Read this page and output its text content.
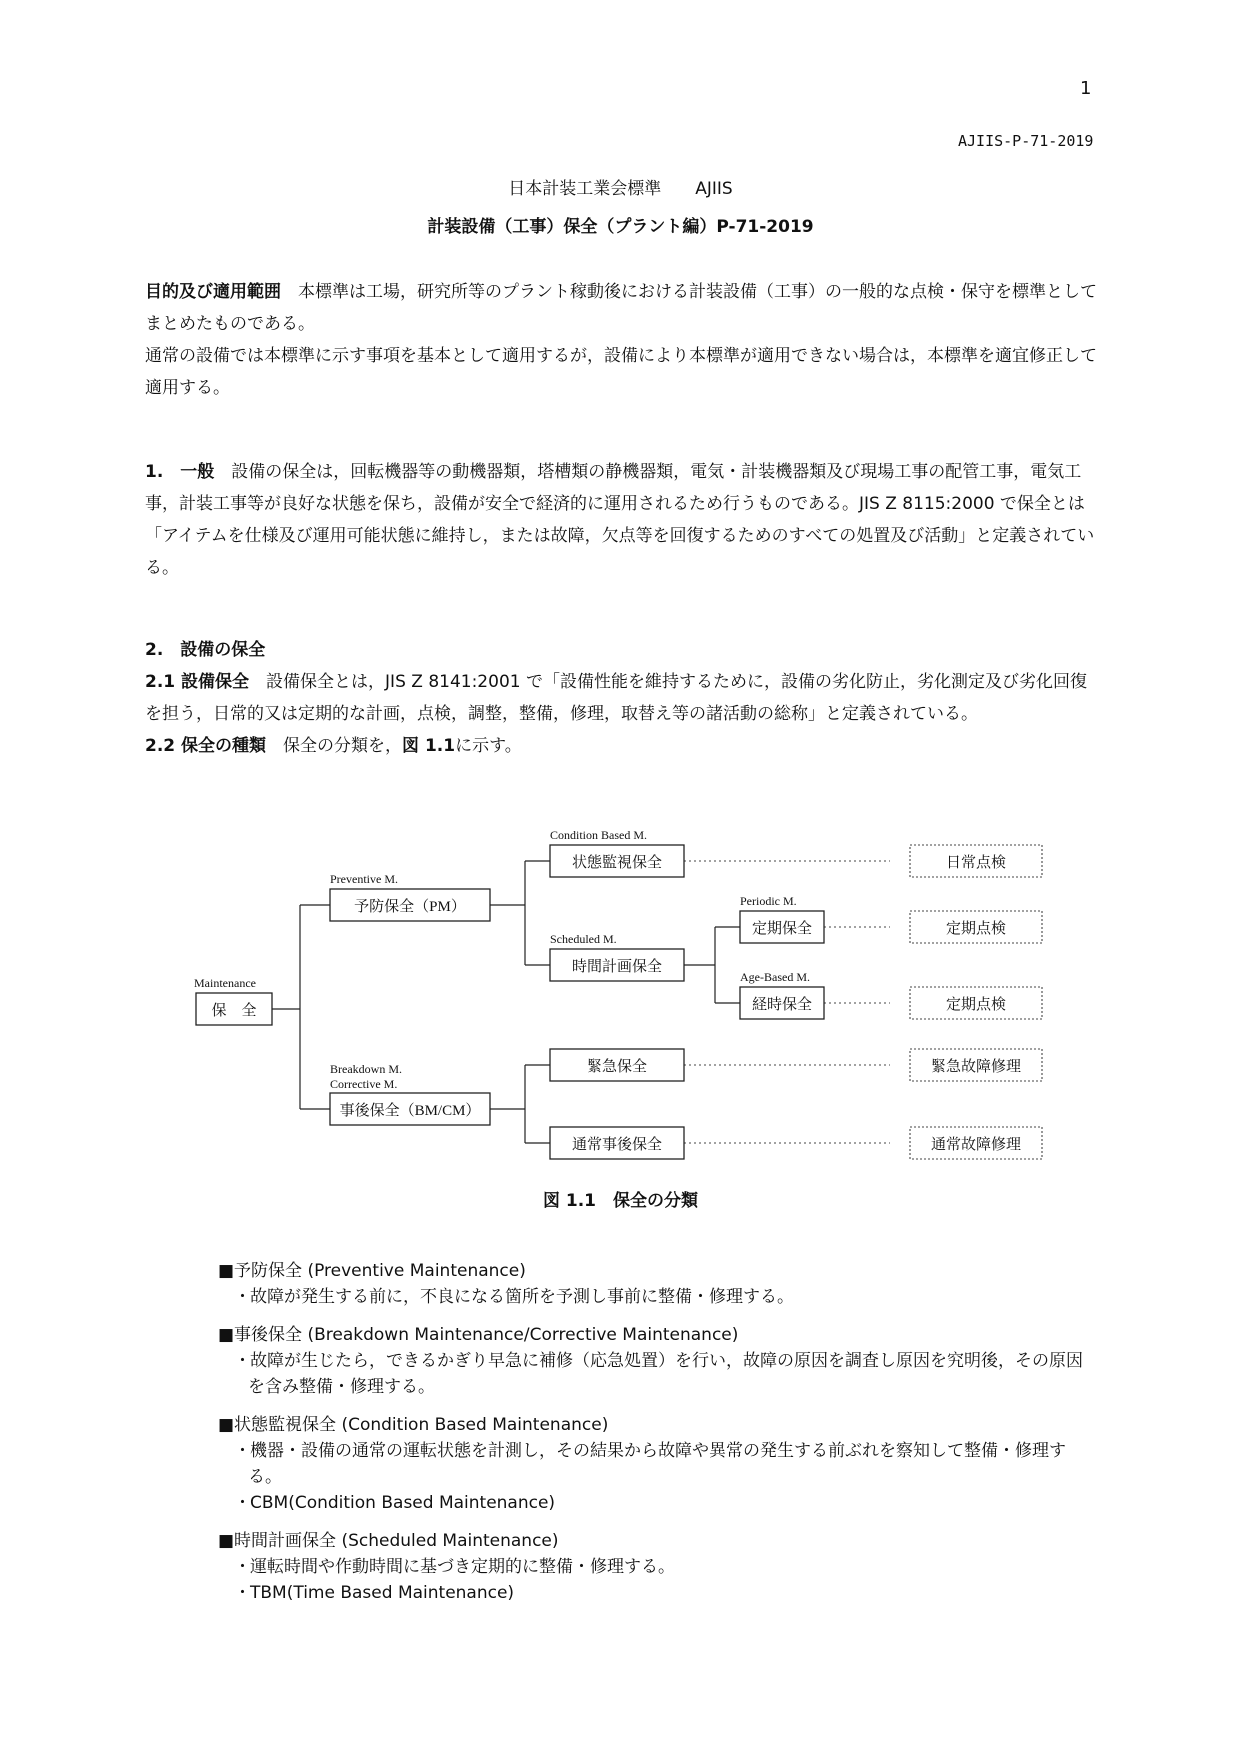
1
AJIIS-P-71-2019
日本計装工業会標準　　AJIIS
計装設備（工事）保全（プラント編）P-71-2019

目的及び適用範囲　 本標準は工場，研究所等のプラント稼動後における計装設備（工事）の一般的な点検・保守を標準としてまとめたものである。

通常の設備では本標準に示す事項を基本として適用するが，設備により本標準が適用できない場合は，本標準を適宜修正して適用する。

1.　一般　 設備の保全は，回転機器等の動機器類，塔槽類の静機器類，電気・計装機器類及び現場工事の配管工事，電気工事，計装工事等が良好な状態を保ち，設備が安全で経済的に運用されるため行うものである。JIS Z 8115:2000 で保全とは「アイテムを仕様及び運用可能状態に維持し，または故障，欠点等を回復するためのすべての処置及び活動」と定義されている。

2.　設備の保全

2.1 設備保全　 設備保全とは，JIS Z 8141:2001 で「設備性能を維持するために，設備の劣化防止，劣化測定及び劣化回復を担う，日常的又は定期的な計画，点検，調整，整備，修理，取替え等の諸活動の総称」と定義されている。

2.2 保全の種類　 保全の分類を，図 1.1に示す。

Maintenance
Preventive M.
Breakdown M.
Corrective M.
Condition Based M.
Scheduled M.
Periodic M.
Age-Based M.
保　全
予防保全（PM）
事後保全（BM/CM）
状態監視保全
時間計画保全
定期保全
経時保全
緊急保全
通常事後保全
日常点検
定期点検
定期点検
緊急故障修理
通常故障修理
図 1.1　保全の分類
■予防保全 (Preventive Maintenance)
・故障が発生する前に，不良になる箇所を予測し事前に整備・修理する。
■事後保全 (Breakdown Maintenance/Corrective Maintenance)
・故障が生じたら，できるかぎり早急に補修（応急処置）を行い，故障の原因を調査し原因を究明後，その原因を含み整備・修理する。
■状態監視保全 (Condition Based Maintenance)
・機器・設備の通常の運転状態を計測し，その結果から故障や異常の発生する前ぶれを察知して整備・修理する。
・CBM(Condition Based Maintenance)
■時間計画保全 (Scheduled Maintenance)
・運転時間や作動時間に基づき定期的に整備・修理する。
・TBM(Time Based Maintenance)
